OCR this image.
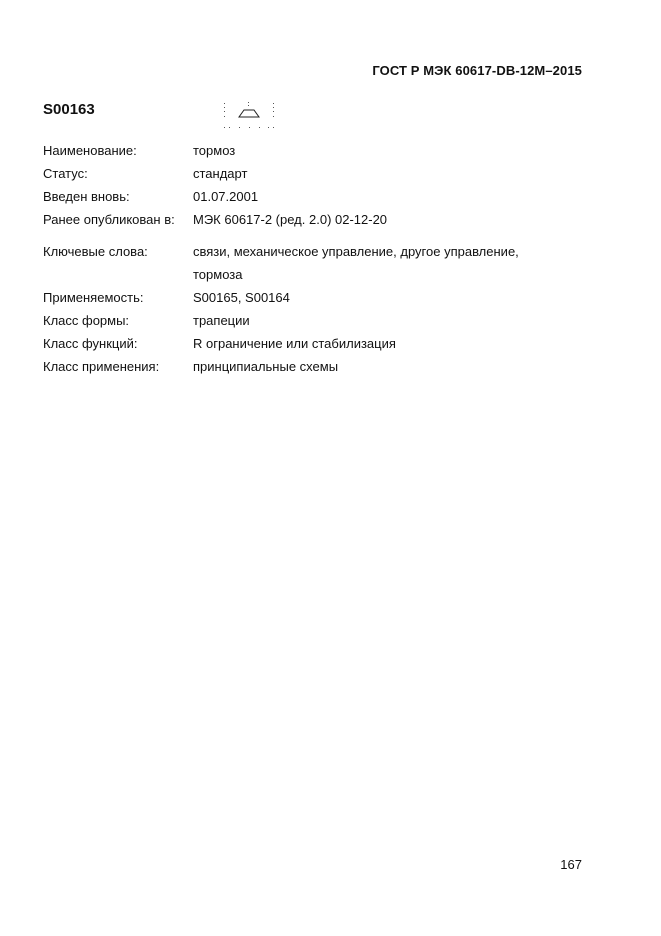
ГОСТ Р МЭК 60617-DB-12M–2015
S00163
Наименование:	тормоз
Статус:	стандарт
Введен вновь:	01.07.2001
Ранее опубликован в:	МЭК 60617-2 (ред. 2.0) 02-12-20
Ключевые слова:	связи, механическое управление, другое управление,
тормоза
Применяемость:	S00165, S00164
Класс формы:	трапеции
Класс функций:	R ограничение или стабилизация
Класс применения:	принципиальные схемы
167
